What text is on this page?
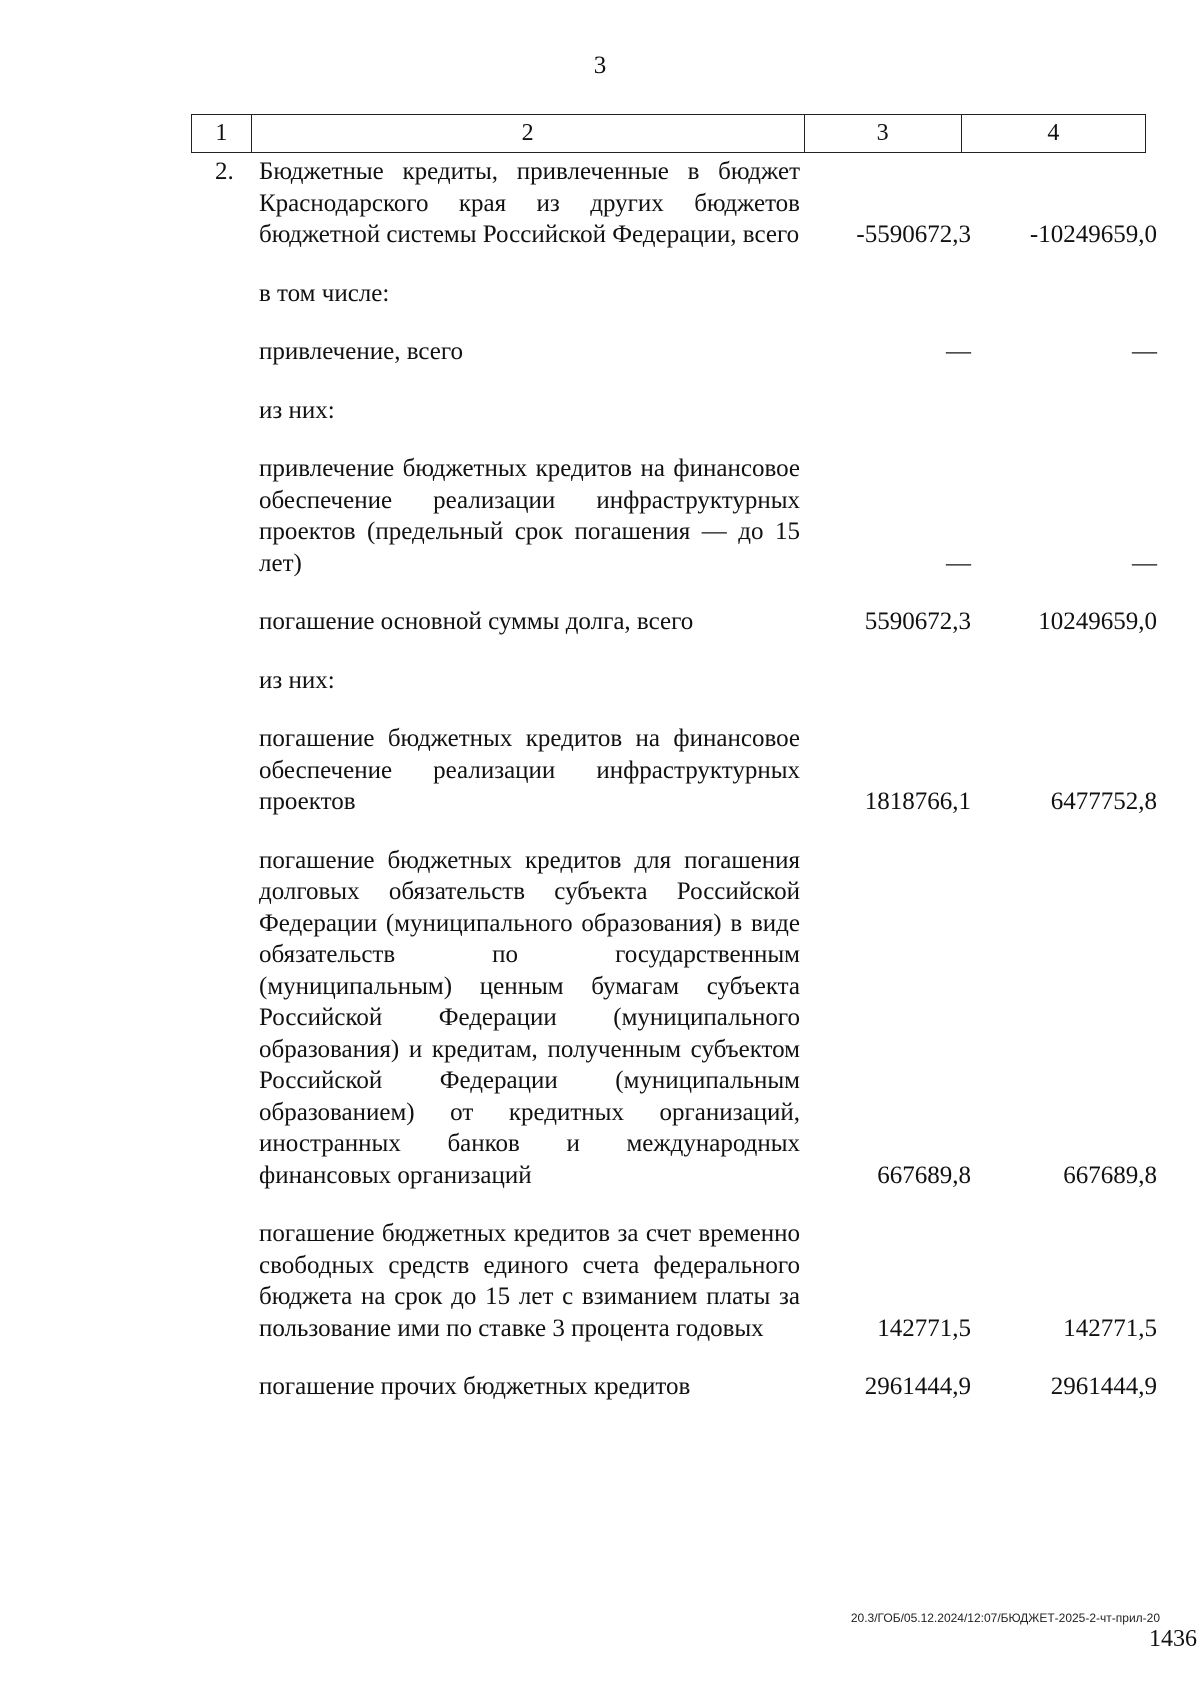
3
1	2	3	4
2.	Бюджетные кредиты, привлеченные в бюджет Краснодарского края из других бюджетов бюджетной системы Российской Федерации, всего	-5590672,3	-10249659,0
в том числе:
привлечение, всего	—	—
из них:
привлечение бюджетных кредитов на финансовое обеспечение реализации инфраструктурных проектов (предельный срок погашения — до 15 лет)	—	—
погашение основной суммы долга, всего	5590672,3	10249659,0
из них:
погашение бюджетных кредитов на финансовое обеспечение реализации инфраструктурных проектов	1818766,1	6477752,8
погашение бюджетных кредитов для погашения долговых обязательств субъекта Российской Федерации (муниципального образования) в виде обязательств по государственным (муниципальным) ценным бумагам субъекта Российской Федерации (муниципального образования) и кредитам, полученным субъектом Российской Федерации (муниципальным образованием) от кредитных организаций, иностранных банков и международных финансовых организаций	667689,8	667689,8
погашение бюджетных кредитов за счет временно свободных средств единого счета федерального бюджета на срок до 15 лет с взиманием платы за пользование ими по ставке 3 процента годовых	142771,5	142771,5
погашение прочих бюджетных кредитов	2961444,9	2961444,9
20.3/ГОБ/05.12.2024/12:07/БЮДЖЕТ-2025-2-чт-прил-20
1436
